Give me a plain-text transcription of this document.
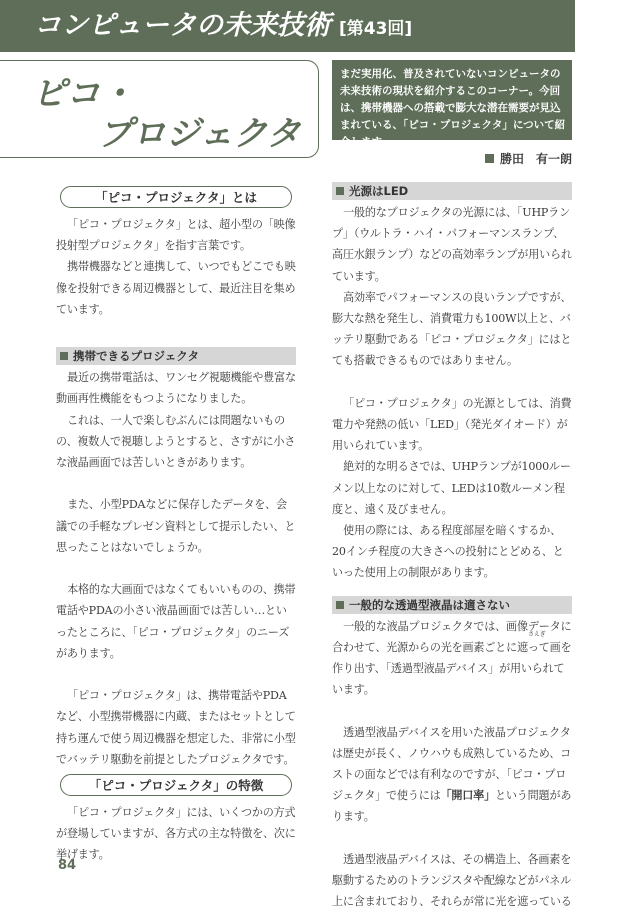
コンピュータの未来技術 [第43回]
ピコ・
プロジェクタ
まだ実用化、普及されていないコンピュータの未来技術の現状を紹介するこのコーナー。今回は、携帯機器への搭載で膨大な潜在需要が見込まれている、「ピコ・プロジェクタ」について紹介します。
勝田　有一朗
「ピコ・プロジェクタ」とは

「ピコ・プロジェクタ」とは、超小型の「映像投射型プロジェクタ」を指す言葉です。

携帯機器などと連携して、いつでもどこでも映像を投射できる周辺機器として、最近注目を集めています。

携帯できるプロジェクタ

最近の携帯電話は、ワンセグ視聴機能や豊富な動画再性機能をもつようになりました。

これは、一人で楽しむぶんには問題ないものの、複数人で視聴しようとすると、さすがに小さな液晶画面では苦しいときがあります。

また、小型PDAなどに保存したデータを、会議での手軽なプレゼン資料として提示したい、と思ったことはないでしょうか。

本格的な大画面ではなくてもいいものの、携帯電話やPDAの小さい液晶画面では苦しい…といったところに、「ピコ・プロジェクタ」のニーズがあります。

「ピコ・プロジェクタ」は、携帯電話やPDAなど、小型携帯機器に内蔵、またはセットとして持ち運んで使う周辺機器を想定した、非常に小型でバッテリ駆動を前提としたプロジェクタです。

「ピコ・プロジェクタ」の特徴

「ピコ・プロジェクタ」には、いくつかの方式が登場していますが、各方式の主な特徴を、次に挙げます。

光源はLED

一般的なプロジェクタの光源には、「UHPランプ」（ウルトラ・ハイ・パフォーマンスランプ、高圧水銀ランプ）などの高効率ランプが用いられています。

高効率でパフォーマンスの良いランプですが、膨大な熱を発生し、消費電力も100W以上と、バッテリ駆動である「ピコ・プロジェクタ」にはとても搭載できるものではありません。

「ピコ・プロジェクタ」の光源としては、消費電力や発熱の低い「LED」（発光ダイオード）が用いられています。

絶対的な明るさでは、UHPランプが1000ルーメン以上なのに対して、LEDは10数ルーメン程度と、遠く及びません。

使用の際には、ある程度部屋を暗くするか、20インチ程度の大きさへの投射にとどめる、といった使用上の制限があります。

一般的な透過型液晶は適さない

一般的な液晶プロジェクタでは、画像データに合わせて、光源からの光を画素ごとに
さえぎ
遮って画を作り出す、「透過型液晶デバイス」が用いられています。

透過型液晶デバイスを用いた液晶プロジェクタは歴史が長く、ノウハウも成熟しているため、コストの面などでは有利なのですが、「ピコ・プロジェクタ」で使うには「開口率」という問題があります。

透過型液晶デバイスは、その構造上、各画素を駆動するためのトランジスタや配線などがパネル上に含まれており、それらが常に光を遮っている

84
